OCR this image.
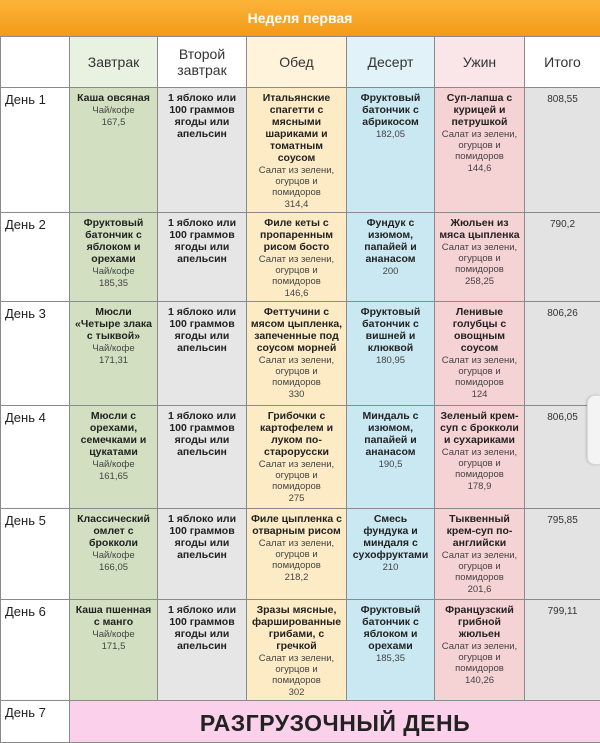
Неделя первая
	Завтрак	Второй завтрак	Обед	Десерт	Ужин	Итого
День 1	Каша овсяная
Чай/кофе
167,5	1 яблоко или 100 граммов ягоды или апельсин	Итальянские спагетти с мясными шариками и томатным соусом
Салат из зелени, огурцов и помидоров
314,4	Фруктовый батончик с абрикосом
182,05	Суп-лапша с курицей и петрушкой
Салат из зелени, огурцов и помидоров
144,6	808,55
День 2	Фруктовый батончик с яблоком и орехами
Чай/кофе
185,35	1 яблоко или 100 граммов ягоды или апельсин	Филе кеты с пропаренным рисом босто
Салат из зелени, огурцов и помидоров
146,6	Фундук с изюмом, папайей и ананасом
200	Жюльен из мяса цыпленка
Салат из зелени, огурцов и помидоров
258,25	790,2
День 3	Мюсли «Четыре злака с тыквой»
Чай/кофе
171,31	1 яблоко или 100 граммов ягоды или апельсин	Феттучини с мясом цыпленка, запеченные под соусом морней
Салат из зелени, огурцов и помидоров
330	Фруктовый батончик с вишней и клюквой
180,95	Ленивые голубцы с овощным соусом
Салат из зелени, огурцов и помидоров
124	806,26
День 4	Мюсли с орехами, семечками и цукатами
Чай/кофе
161,65	1 яблоко или 100 граммов ягоды или апельсин	Грибочки с картофелем и луком по-старорусски
Салат из зелени, огурцов и помидоров
275	Миндаль с изюмом, папайей и ананасом
190,5	Зеленый крем-суп с брокколи и сухариками
Салат из зелени, огурцов и помидоров
178,9	806,05
День 5	Классический омлет с брокколи
Чай/кофе
166,05	1 яблоко или 100 граммов ягоды или апельсин	Филе цыпленка с отварным рисом
Салат из зелени, огурцов и помидоров
218,2	Смесь фундука и миндаля с сухофруктами
210	Тыквенный крем-суп по-английски
Салат из зелени, огурцов и помидоров
201,6	795,85
День 6	Каша пшенная с манго
Чай/кофе
171,5	1 яблоко или 100 граммов ягоды или апельсин	Зразы мясные, фаршированные грибами, с гречкой
Салат из зелени, огурцов и помидоров
302	Фруктовый батончик с яблоком и орехами
185,35	Французский грибной жюльен
Салат из зелени, огурцов и помидоров
140,26	799,11
День 7	РАЗГРУЗОЧНЫЙ ДЕНЬ					
